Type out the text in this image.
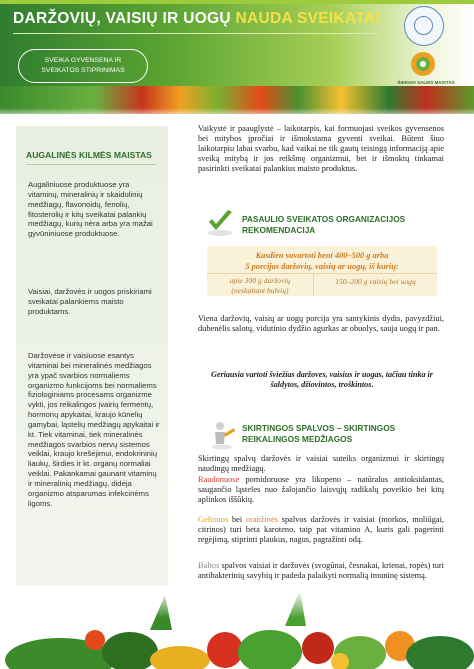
DARŽOVIŲ, VAISIŲ IR UOGŲ NAUDA SVEIKATAI
SVEIKA GYVENSENA IR
SVEIKATOS STIPRINIMAS
ŠIERAIO SALIES MAISTAS
AUGALINĖS KILMĖS MAISTAS
Augaliniuose produktuose yra vitaminų, mineralinių ir skaidulinių medžiagų, flavonoidų, fenolių, fitosterolių ir kitų sveikatai palankių medžiagų, kurių nėra arba yra mažai gyvūniniuose produktuose.
Vaisiai, daržovės ir uogos priskiriami sveikatai palankiems maisto produktams.
Daržovėse ir vaisiuose esantys vitaminai bei mineralinės medžiagos yra ypač svarbios normaliems organizmo funkcijoms bei normaliems fiziologiniams procesams organizme vykti, jos reikalingos įvairių fermentų, hormonų apykaitai, kraujo kūnelių gamybai, ląstelių medžiagų apykaitai ir kt. Tiek vitaminai, tiek mineralinės medžiagos svarbios nervų sistemos veiklai, kraujo krešėjimui, endokrininių liaukų, širdies ir kt. organų normaliai veiklai. Pakankamai gaunant vitaminų ir mineralinių medžiagų, didėja organizmo atsparumas infekcinėms ligoms.
Vaikystė ir paauglystė – laikotarpis, kai formuojasi sveikos gyvensenos bei mitybos įpročiai ir išmokstama gyventi sveikai. Būtent šiuo laikotarpiu labai svarbu, kad vaikai ne tik gautų teisingą informaciją apie sveiką mitybą ir jos reikšmę organizmui, bet ir išmoktų tinkamai pasirinkti sveikatai palankius maisto produktus.
PASAULIO SVEIKATOS ORGANIZACIJOS
REKOMENDACIJA
Kasdien suvartoti bent 400–500 g arba
5 porcijas daržovių, vaisių ar uogų, iš kurių:
apie 300 g daržovių
(neskaitant bulvių)
150–200 g vaisių bei uogų
Viena daržovių, vaisių ar uogų porcija yra santykinis dydis, pavyzdžiui, dubenėlis salotų, vidutinio dydžio agurkas ar obuolys, sauja uogų ir pan.
Geriausia vartoti šviežias daržoves, vaisius ir uogas, tačiau tinka ir šaldytos, džiovintos, troškintos.
SKIRTINGOS SPALVOS – SKIRTINGOS
REIKALINGOS MEDŽIAGOS
Skirtingų spalvų daržovės ir vaisiai suteiks organizmui ir skirtingų naudingų medžiagų.
Raudonuose pomidoruose yra likopeno – natūralus antioksidantas, saugančio ląsteles nuo žalojančio laisvųjų radikalų poveikio bei kitų aplinkos iššūkių.
Geltonos bei oranžinės spalvos daržovės ir vaisiai (morkos, moliūgai, citrinos) turi beta karoteno, taip pat vitamino A, kuris gali pagerinti regėjimą, stiprinti plaukus, nagus, pagražinti odą.
Baltos spalvos vaisiai ir daržovės (svogūnai, česnakai, krienai, ropės) turi antibakterinių savybių ir padeda palaikyti normalią imuninę sistemą.
